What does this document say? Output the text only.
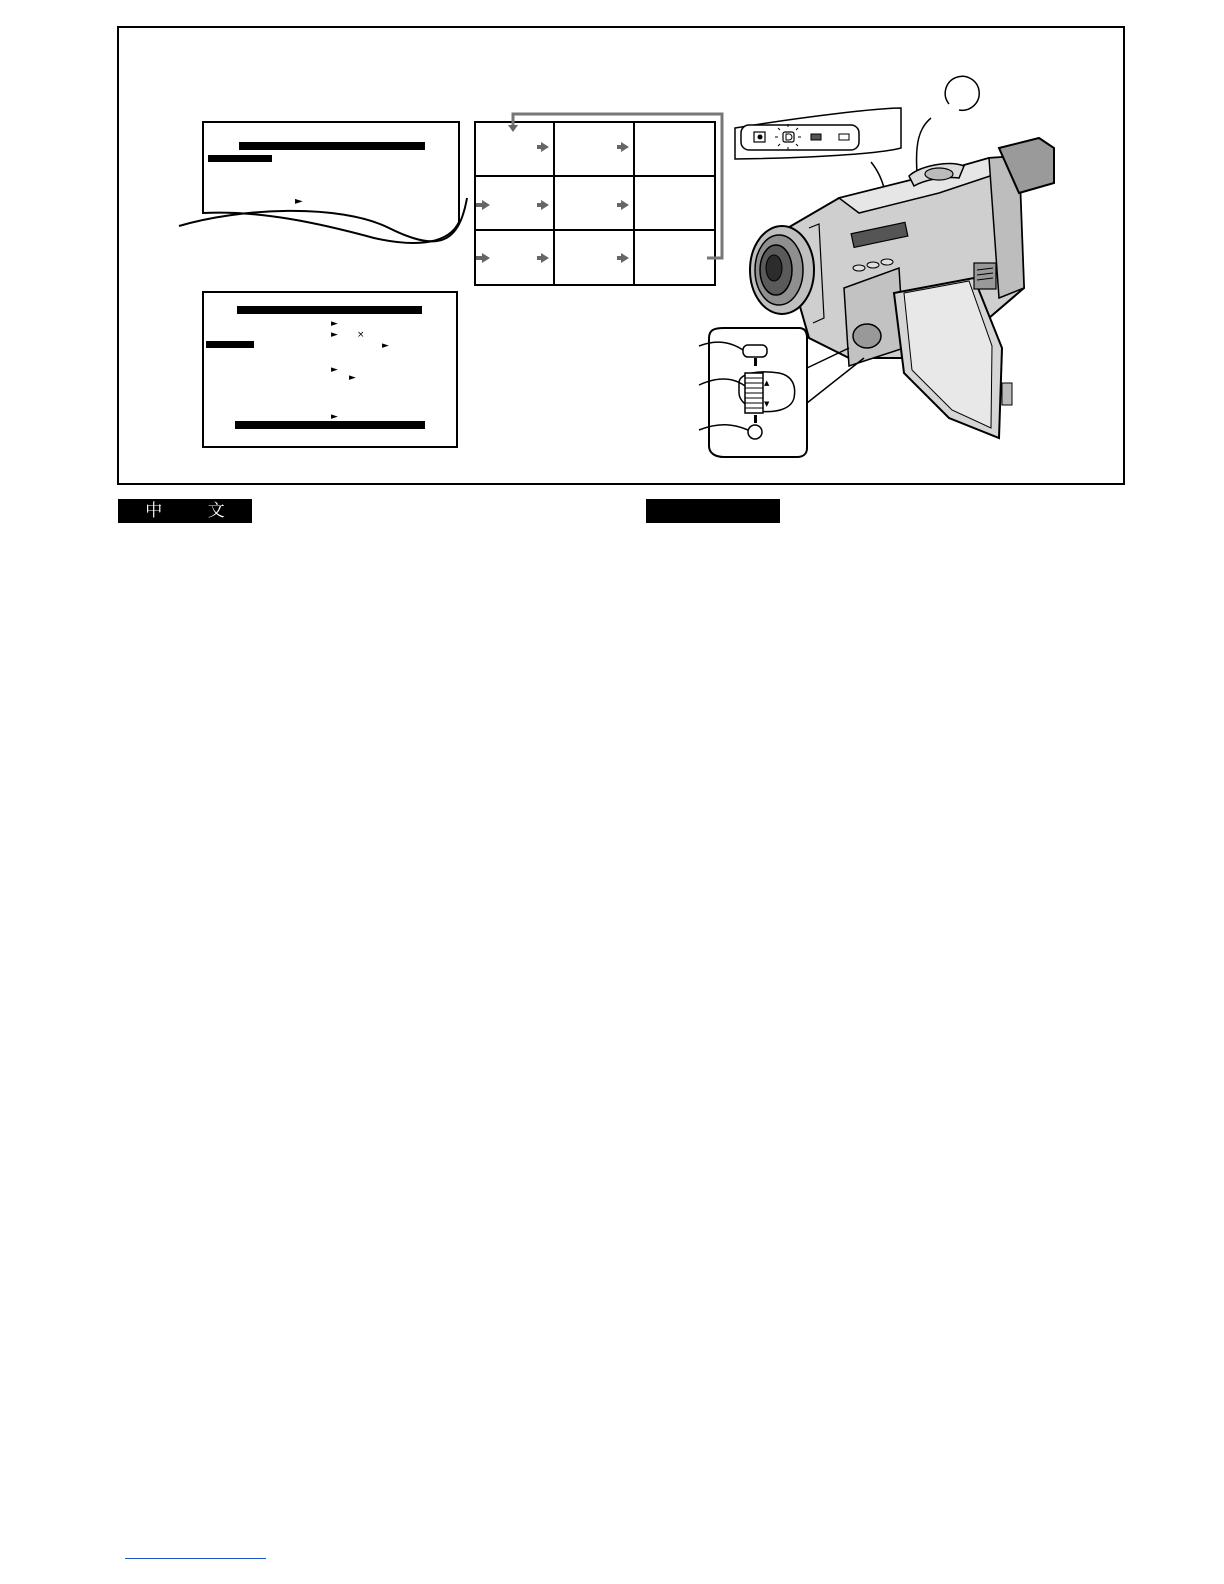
►
►
► ×
►
►
►
►
▲
▼
中 文
